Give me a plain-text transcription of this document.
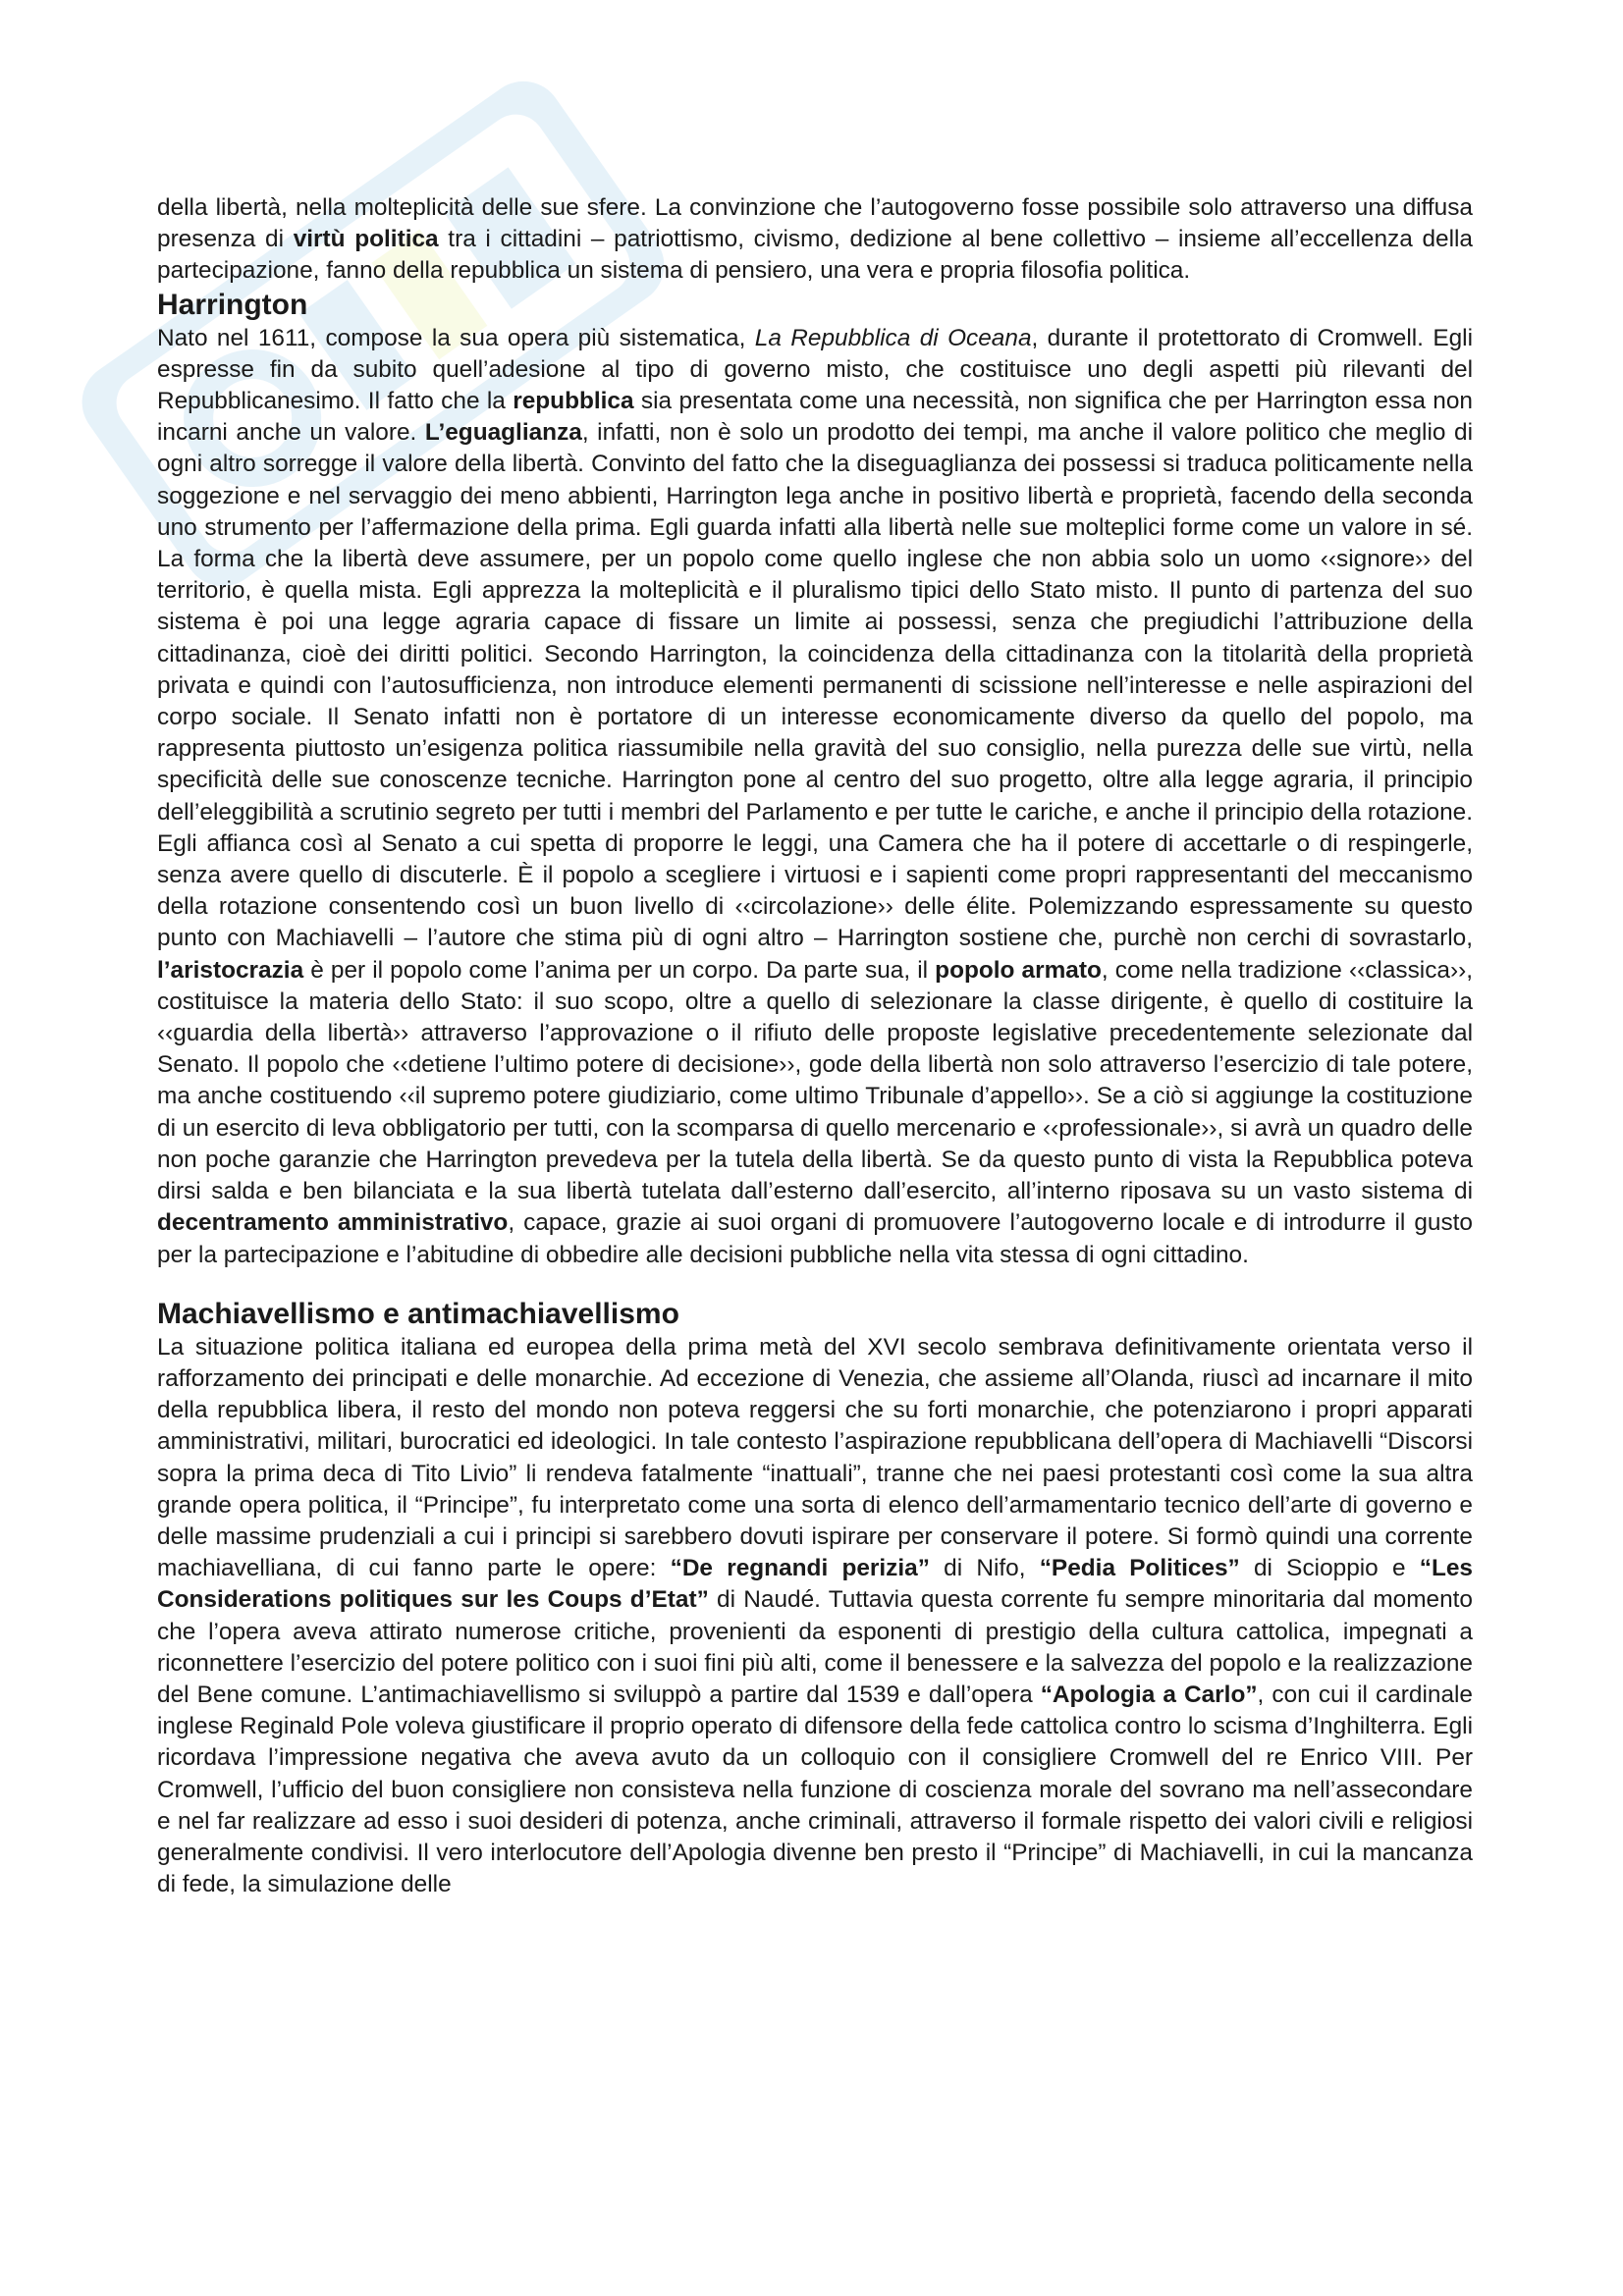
della libertà, nella molteplicità delle sue sfere. La convinzione che l’autogoverno fosse possibile solo attraverso una diffusa presenza di virtù politica tra i cittadini – patriottismo, civismo, dedizione al bene collettivo – insieme all’eccellenza della partecipazione, fanno della repubblica un sistema di pensiero, una vera e propria filosofia politica.

Harrington

Nato nel 1611, compose la sua opera più sistematica, La Repubblica di Oceana, durante il protettorato di Cromwell. Egli espresse fin da subito quell’adesione al tipo di governo misto, che costituisce uno degli aspetti più rilevanti del Repubblicanesimo. Il fatto che la repubblica sia presentata come una necessità, non significa che per Harrington essa non incarni anche un valore. L’eguaglianza, infatti, non è solo un prodotto dei tempi, ma anche il valore politico che meglio di ogni altro sorregge il valore della libertà. Convinto del fatto che la diseguaglianza dei possessi si traduca politicamente nella soggezione e nel servaggio dei meno abbienti, Harrington lega anche in positivo libertà e proprietà, facendo della seconda uno strumento per l’affermazione della prima. Egli guarda infatti alla libertà nelle sue molteplici forme come un valore in sé. La forma che la libertà deve assumere, per un popolo come quello inglese che non abbia solo un uomo ‹‹signore›› del territorio, è quella mista. Egli apprezza la molteplicità e il pluralismo tipici dello Stato misto. Il punto di partenza del suo sistema è poi una legge agraria capace di fissare un limite ai possessi, senza che pregiudichi l’attribuzione della cittadinanza, cioè dei diritti politici. Secondo Harrington, la coincidenza della cittadinanza con la titolarità della proprietà privata e quindi con l’autosufficienza, non introduce elementi permanenti di scissione nell’interesse e nelle aspirazioni del corpo sociale. Il Senato infatti non è portatore di un interesse economicamente diverso da quello del popolo, ma rappresenta piuttosto un’esigenza politica riassumibile nella gravità del suo consiglio, nella purezza delle sue virtù, nella specificità delle sue conoscenze tecniche. Harrington pone al centro del suo progetto, oltre alla legge agraria, il principio dell’eleggibilità a scrutinio segreto per tutti i membri del Parlamento e per tutte le cariche, e anche il principio della rotazione. Egli affianca così al Senato a cui spetta di proporre le leggi, una Camera che ha il potere di accettarle o di respingerle, senza avere quello di discuterle. È il popolo a scegliere i virtuosi e i sapienti come propri rappresentanti del meccanismo della rotazione consentendo così un buon livello di ‹‹circolazione›› delle élite. Polemizzando espressamente su questo punto con Machiavelli – l’autore che stima più di ogni altro – Harrington sostiene che, purchè non cerchi di sovrastarlo, l’aristocrazia è per il popolo come l’anima per un corpo. Da parte sua, il popolo armato, come nella tradizione ‹‹classica››, costituisce la materia dello Stato: il suo scopo, oltre a quello di selezionare la classe dirigente, è quello di costituire la ‹‹guardia della libertà›› attraverso l’approvazione o il rifiuto delle proposte legislative precedentemente selezionate dal Senato. Il popolo che ‹‹detiene l’ultimo potere di decisione››, gode della libertà non solo attraverso l’esercizio di tale potere, ma anche costituendo ‹‹il supremo potere giudiziario, come ultimo Tribunale d’appello››. Se a ciò si aggiunge la costituzione di un esercito di leva obbligatorio per tutti, con la scomparsa di quello mercenario e ‹‹professionale››, si avrà un quadro delle non poche garanzie che Harrington prevedeva per la tutela della libertà. Se da questo punto di vista la Repubblica poteva dirsi salda e ben bilanciata e la sua libertà tutelata dall’esterno dall’esercito, all’interno riposava su un vasto sistema di decentramento amministrativo, capace, grazie ai suoi organi di promuovere l’autogoverno locale e di introdurre il gusto per la partecipazione e l’abitudine di obbedire alle decisioni pubbliche nella vita stessa di ogni cittadino.

Machiavellismo e antimachiavellismo

La situazione politica italiana ed europea della prima metà del XVI secolo sembrava definitivamente orientata verso il rafforzamento dei principati e delle monarchie. Ad eccezione di Venezia, che assieme all’Olanda, riuscì ad incarnare il mito della repubblica libera, il resto del mondo non poteva reggersi che su forti monarchie, che potenziarono i propri apparati amministrativi, militari, burocratici ed ideologici. In tale contesto l’aspirazione repubblicana dell’opera di Machiavelli “Discorsi sopra la prima deca di Tito Livio” li rendeva fatalmente “inattuali”, tranne che nei paesi protestanti così come la sua altra grande opera politica, il “Principe”, fu interpretato come una sorta di elenco dell’armamentario tecnico dell’arte di governo e delle massime prudenziali a cui i principi si sarebbero dovuti ispirare per conservare il potere. Si formò quindi una corrente machiavelliana, di cui fanno parte le opere: “De regnandi perizia” di Nifo, “Pedia Politices” di Scioppio e “Les Considerations politiques sur les Coups d’Etat” di Naudé. Tuttavia questa corrente fu sempre minoritaria dal momento che l’opera aveva attirato numerose critiche, provenienti da esponenti di prestigio della cultura cattolica, impegnati a riconnettere l’esercizio del potere politico con i suoi fini più alti, come il benessere e la salvezza del popolo e la realizzazione del Bene comune. L’antimachiavellismo si sviluppò a partire dal 1539 e dall’opera “Apologia a Carlo”, con cui il cardinale inglese Reginald Pole voleva giustificare il proprio operato di difensore della fede cattolica contro lo scisma d’Inghilterra. Egli ricordava l’impressione negativa che aveva avuto da un colloquio con il consigliere Cromwell del re Enrico VIII. Per Cromwell, l’ufficio del buon consigliere non consisteva nella funzione di coscienza morale del sovrano ma nell’assecondare e nel far realizzare ad esso i suoi desideri di potenza, anche criminali, attraverso il formale rispetto dei valori civili e religiosi generalmente condivisi. Il vero interlocutore dell’Apologia divenne ben presto il “Principe” di Machiavelli, in cui la mancanza di fede, la simulazione delle
